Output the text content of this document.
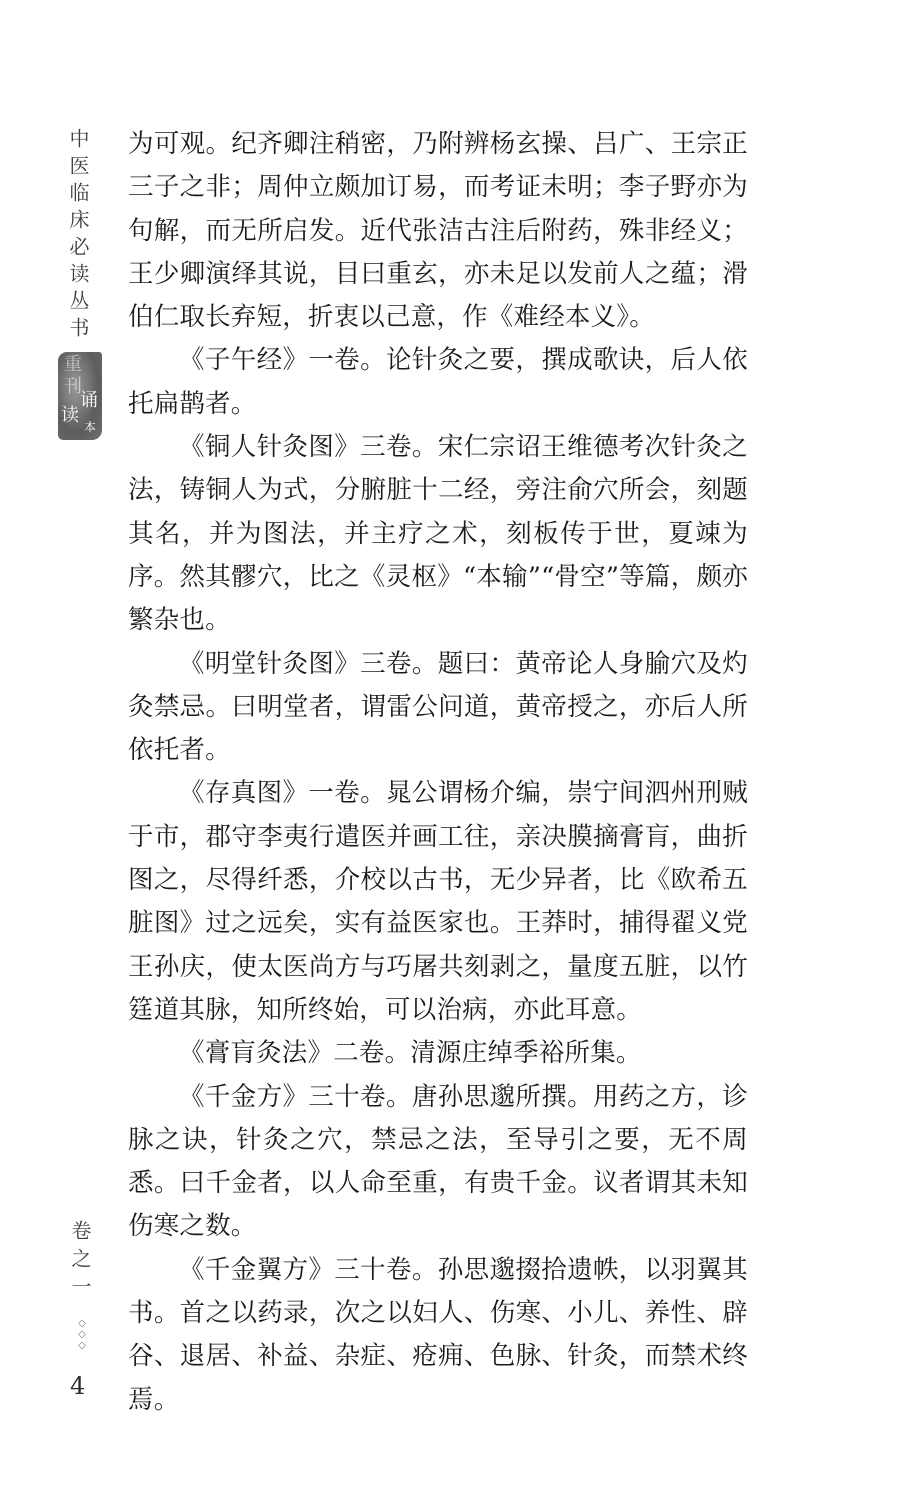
中医临床必读丛书
重
刊
诵
读
本
卷之一
◇
◇
◇
4

为可观。纪齐卿注稍密，乃附辨杨玄操、吕广、王宗正三子之非；周仲立颇加订易，而考证未明；李子野亦为句解，而无所启发。近代张洁古注后附药，殊非经义；王少卿演绎其说，目曰重玄，亦未足以发前人之蕴；滑伯仁取长弃短，折衷以己意，作《难经本义》。

《子午经》一卷。论针灸之要，撰成歌诀，后人依托扁鹊者。

《铜人针灸图》三卷。宋仁宗诏王维德考次针灸之法，铸铜人为式，分腑脏十二经，旁注俞穴所会，刻题其名，并为图法，并主疗之术，刻板传于世，夏竦为序。然其髎穴，比之《灵枢》“本输”“骨空”等篇，颇亦繁杂也。

《明堂针灸图》三卷。题曰：黄帝论人身腧穴及灼灸禁忌。曰明堂者，谓雷公问道，黄帝授之，亦后人所依托者。

《存真图》一卷。晁公谓杨介编，崇宁间泗州刑贼于市，郡守李夷行遣医并画工往，亲决膜摘膏肓，曲折图之，尽得纤悉，介校以古书，无少异者，比《欧希五脏图》过之远矣，实有益医家也。王莽时，捕得翟义党王孙庆，使太医尚方与巧屠共刻剥之，量度五脏，以竹筳道其脉，知所终始，可以治病，亦此耳意。

《膏肓灸法》二卷。清源庄绰季裕所集。

《千金方》三十卷。唐孙思邈所撰。用药之方，诊脉之诀，针灸之穴，禁忌之法，至导引之要，无不周悉。曰千金者，以人命至重，有贵千金。议者谓其未知伤寒之数。

《千金翼方》三十卷。孙思邈掇拾遗帙，以羽翼其书。首之以药录，次之以妇人、伤寒、小儿、养性、辟谷、退居、补益、杂症、疮痈、色脉、针灸，而禁术终焉。
